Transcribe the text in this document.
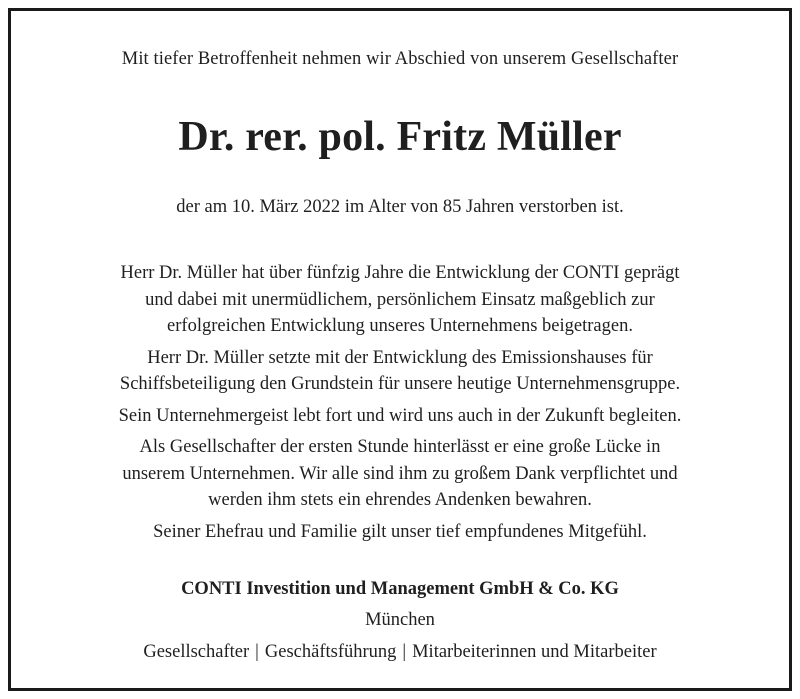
Mit tiefer Betroffenheit nehmen wir Abschied von unserem Gesellschafter
Dr. rer. pol. Fritz Müller
der am 10. März 2022 im Alter von 85 Jahren verstorben ist.

Herr Dr. Müller hat über fünfzig Jahre die Entwicklung der CONTI geprägt
und dabei mit unermüdlichem, persönlichem Einsatz maßgeblich zur
erfolgreichen Entwicklung unseres Unternehmens beigetragen.

Herr Dr. Müller setzte mit der Entwicklung des Emissionshauses für
Schiffsbeteiligung den Grundstein für unsere heutige Unternehmensgruppe.

Sein Unternehmergeist lebt fort und wird uns auch in der Zukunft begleiten.

Als Gesellschafter der ersten Stunde hinterlässt er eine große Lücke in
unserem Unternehmen. Wir alle sind ihm zu großem Dank verpflichtet und
werden ihm stets ein ehrendes Andenken bewahren.

Seiner Ehefrau und Familie gilt unser tief empfundenes Mitgefühl.

CONTI Investition und Management GmbH & Co. KG
München
Gesellschafter | Geschäftsführung | Mitarbeiterinnen und Mitarbeiter
